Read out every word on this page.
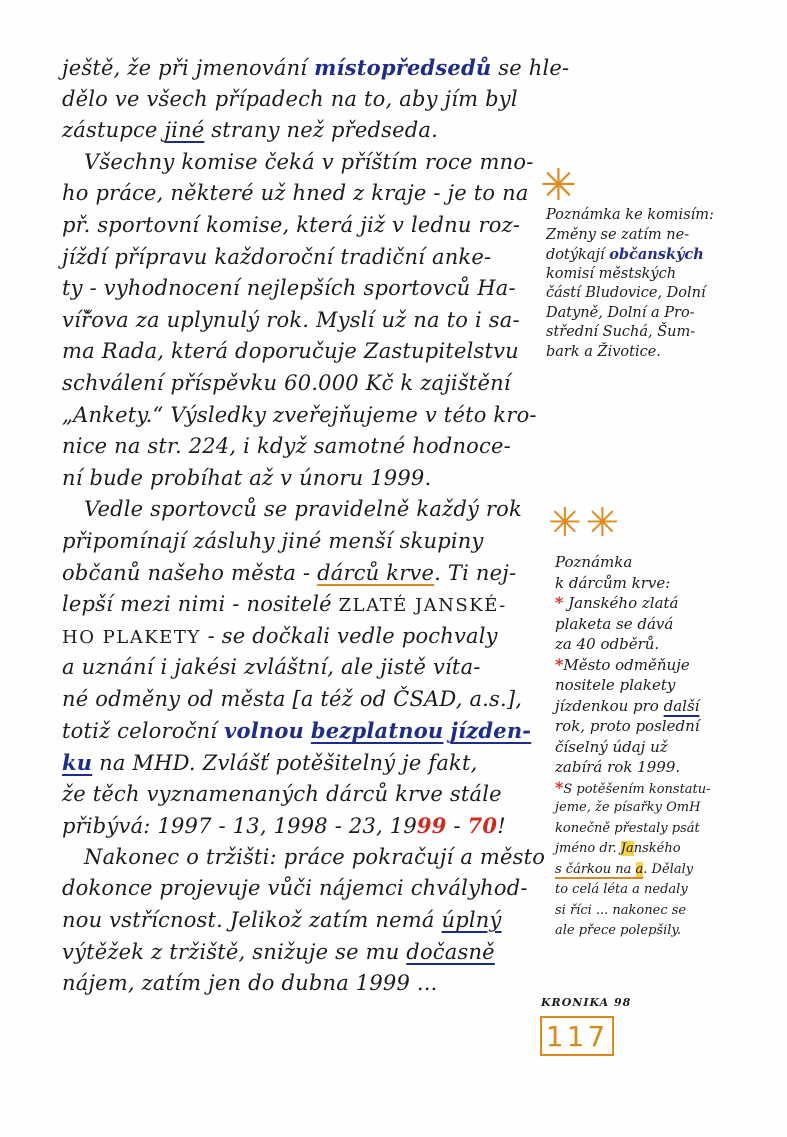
ještě, že při jmenování místopředsedů se hle-
dělo ve všech případech na to, aby jím byl
zástupce jiné strany než předseda.
Všechny komise čeká v příštím roce mno-
ho práce, některé už hned z kraje - je to na
př. sportovní komise, která již v lednu roz-
jíždí přípravu každoroční tradiční anke-
ty - vyhodnocení nejlepších sportovců Ha-
víř̌ova za uplynulý rok. Myslí už na to i sa-
ma Rada, která doporučuje Zastupitelstvu
schválení příspěvku 60.000 Kč k zajištění
„Ankety.“ Výsledky zveřejňujeme v této kro-
nice na str. 224, i když samotné hodnoce-
ní bude probíhat až v únoru 1999.
Vedle sportovců se pravidelně každý rok
připomínají zásluhy jiné menší skupiny
občanů našeho města - dárců krve. Ti nej-
lepší mezi nimi - nositelé ZLATÉ JANSKÉ-
HO PLAKETY - se dočkali vedle pochvaly
a uznání i jakési zvláštní, ale jistě víta-
né odměny od města [a též od ČSAD, a.s.],
totiž celoroční volnou bezplatnou jízden-
ku na MHD. Zvlášť potěšitelný je fakt,
že těch vyznamenaných dárců krve stále
přibývá: 1997 - 13, 1998 - 23, 1999 - 70!
Nakonec o tržišti: práce pokračují a město
dokonce projevuje vůči nájemci chvályhod-
nou vstřícnost. Jelikož zatím nemá úplný
výtěžek z tržiště, snižuje se mu dočasně
nájem, zatím jen do dubna 1999 ...
✳
Poznámka ke komisím:
Změny se zatím ne-
dotýkají občanských
komisí městských
částí Bludovice, Dolní
Datyně, Dolní a Pro-
střední Suchá, Šum-
bark a Životice.
✳✳
Poznámka
k dárcům krve:
* Janského zlatá
plaketa se dává
za 40 odběrů.
*Město odměňuje
nositele plakety
jízdenkou pro další
rok, proto poslední
číselný údaj už
zabírá rok 1999.
*S potěšením konstatu-
jeme, že písařky OmH
konečně přestaly psát
jméno dr. Janského
s čárkou na a. Dělaly
to celá léta a nedaly
si říci ... nakonec se
ale přece polepšily.
KRONIKA 98
117
